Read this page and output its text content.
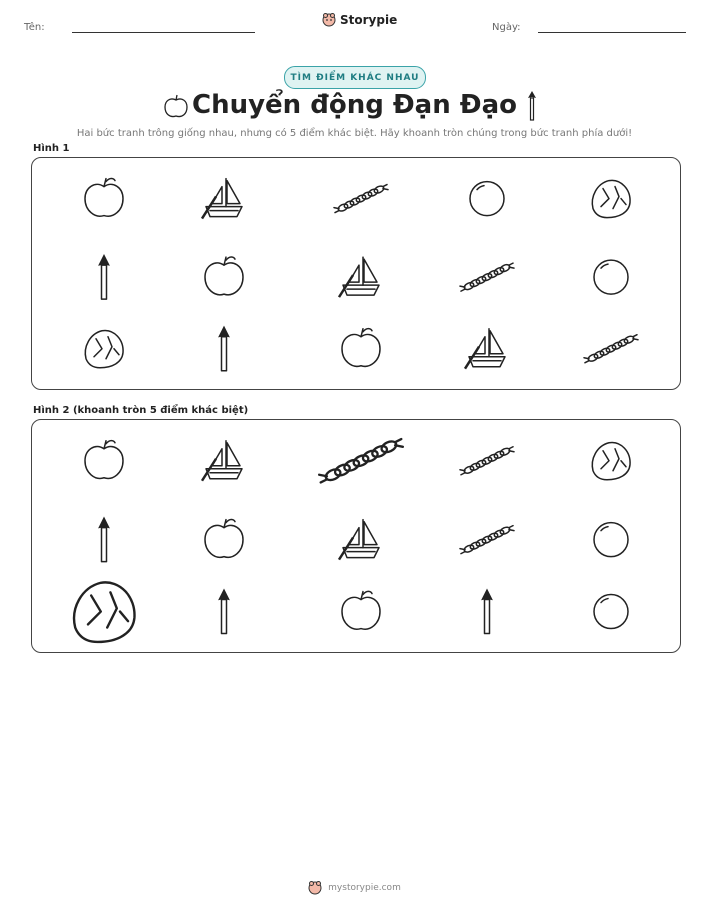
Tên:
Storypie
Ngày:
TÌM ĐIỂM KHÁC NHAU
Chuyển động Đạn Đạo
Hai bức tranh trông giống nhau, nhưng có 5 điểm khác biệt. Hãy khoanh tròn chúng trong bức tranh phía dưới!
Hình 1
Hình 2 (khoanh tròn 5 điểm khác biệt)
mystorypie.com
